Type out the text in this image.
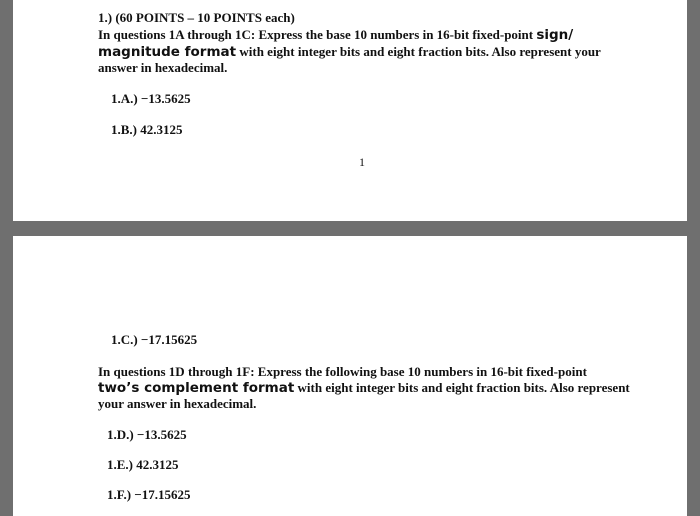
1.) (60 POINTS – 10 POINTS each)
In questions 1A through 1C: Express the base 10 numbers in 16-bit fixed-point sign/
magnitude format with eight integer bits and eight fraction bits. Also represent your
answer in hexadecimal.
1.A.) −13.5625
1.B.) 42.3125
1
1.C.) −17.15625
In questions 1D through 1F: Express the following base 10 numbers in 16-bit fixed-point
two’s complement format with eight integer bits and eight fraction bits. Also represent
your answer in hexadecimal.
1.D.) −13.5625
1.E.) 42.3125
1.F.) −17.15625
